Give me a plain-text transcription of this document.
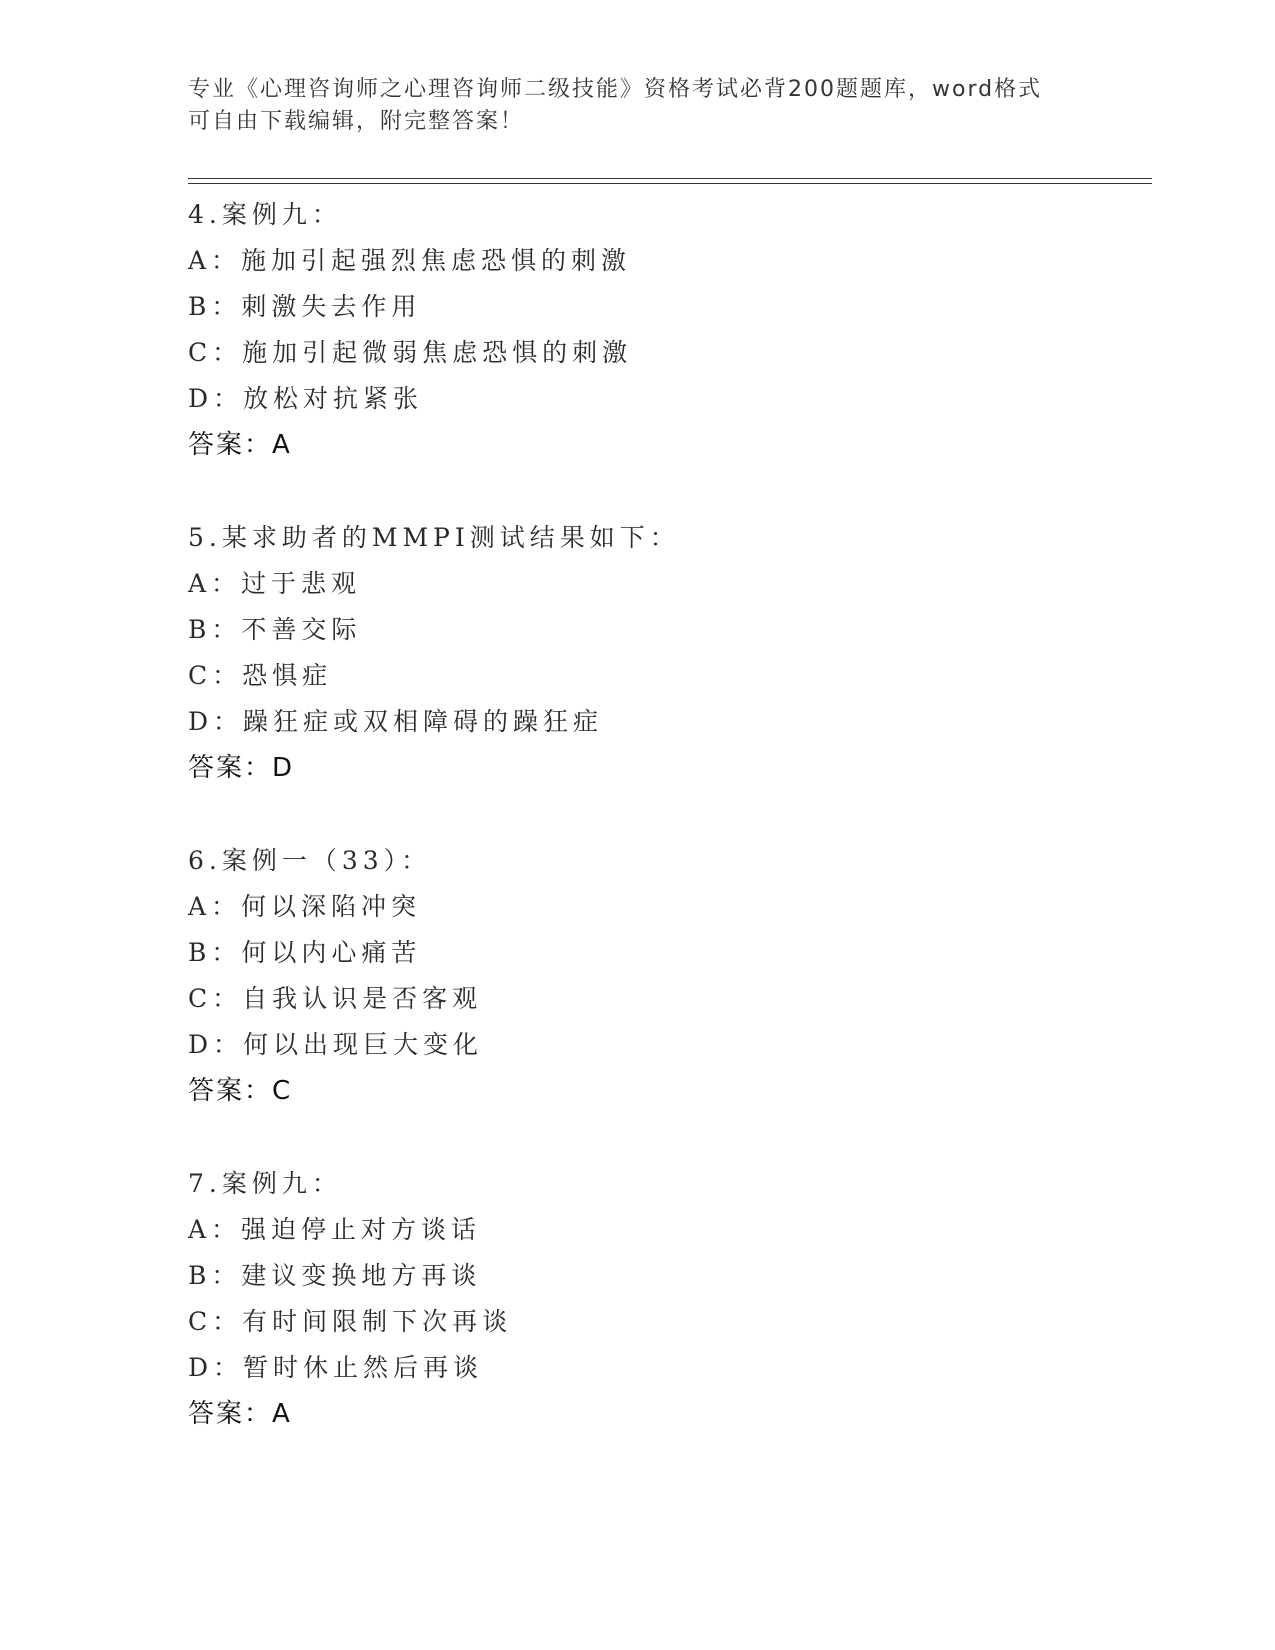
专业《心理咨询师之心理咨询师二级技能》资格考试必背200题题库，word格式
可自由下载编辑，附完整答案！
4.案例九：
A：施加引起强烈焦虑恐惧的刺激
B：刺激失去作用
C：施加引起微弱焦虑恐惧的刺激
D：放松对抗紧张
答案：A
5.某求助者的MMPI测试结果如下：
A：过于悲观
B：不善交际
C：恐惧症
D：躁狂症或双相障碍的躁狂症
答案：D
6.案例一（33）：
A：何以深陷冲突
B：何以内心痛苦
C：自我认识是否客观
D：何以出现巨大变化
答案：C
7.案例九：
A：强迫停止对方谈话
B：建议变换地方再谈
C：有时间限制下次再谈
D：暂时休止然后再谈
答案：A
